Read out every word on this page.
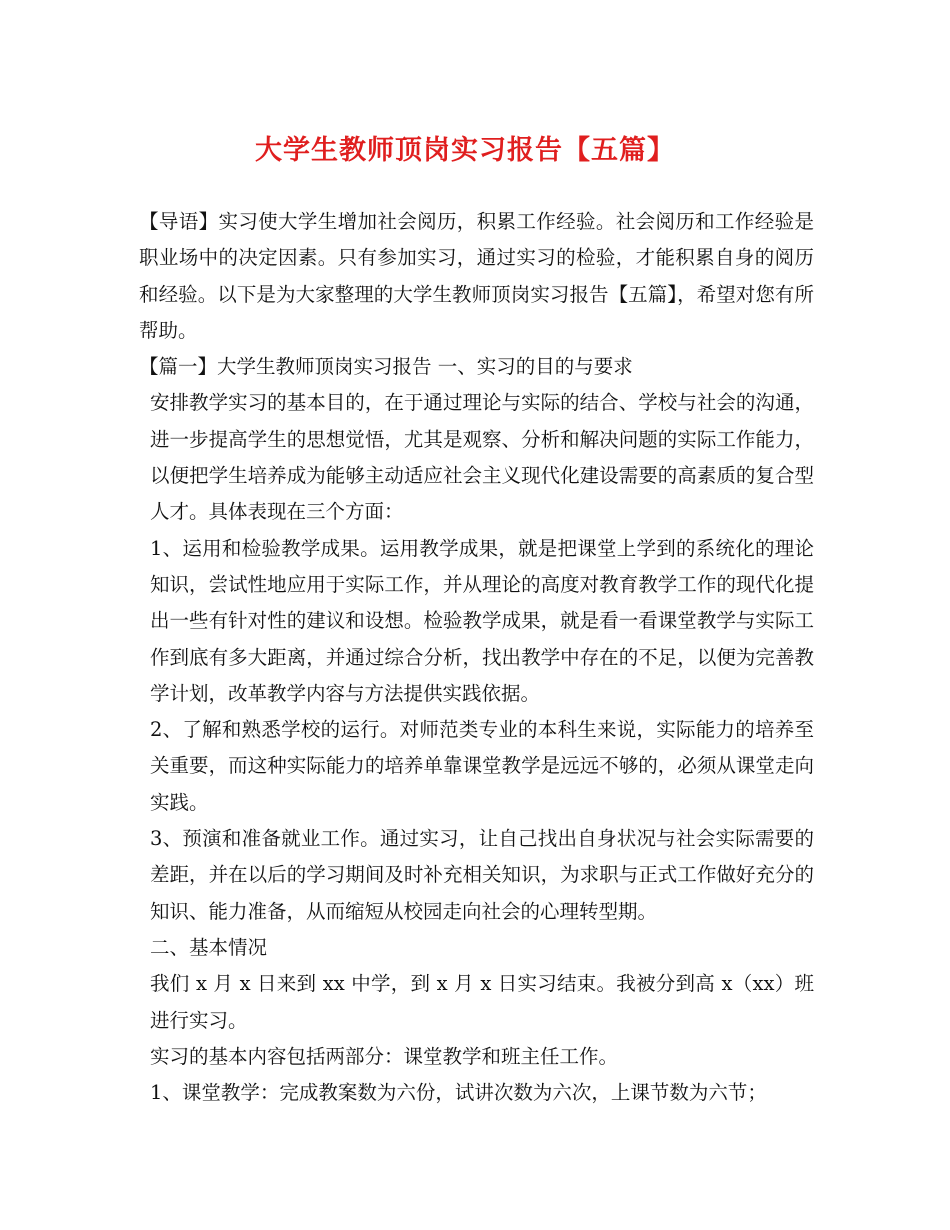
大学生教师顶岗实习报告【五篇】

【导语】实习使大学生增加社会阅历，积累工作经验。社会阅历和工作经验是职业场中的决定因素。只有参加实习，通过实习的检验，才能积累自身的阅历和经验。以下是为大家整理的大学生教师顶岗实习报告【五篇】，希望对您有所帮助。

【篇一】大学生教师顶岗实习报告 一、实习的目的与要求

安排教学实习的基本目的，在于通过理论与实际的结合、学校与社会的沟通，进一步提高学生的思想觉悟，尤其是观察、分析和解决问题的实际工作能力，以便把学生培养成为能够主动适应社会主义现代化建设需要的高素质的复合型人才。具体表现在三个方面：

1、运用和检验教学成果。运用教学成果，就是把课堂上学到的系统化的理论知识，尝试性地应用于实际工作，并从理论的高度对教育教学工作的现代化提出一些有针对性的建议和设想。检验教学成果，就是看一看课堂教学与实际工作到底有多大距离，并通过综合分析，找出教学中存在的不足，以便为完善教学计划，改革教学内容与方法提供实践依据。

2、了解和熟悉学校的运行。对师范类专业的本科生来说，实际能力的培养至关重要，而这种实际能力的培养单靠课堂教学是远远不够的，必须从课堂走向实践。

3、预演和准备就业工作。通过实习，让自己找出自身状况与社会实际需要的差距，并在以后的学习期间及时补充相关知识，为求职与正式工作做好充分的知识、能力准备，从而缩短从校园走向社会的心理转型期。

二、基本情况

我们 x 月 x 日来到 xx 中学，到 x 月 x 日实习结束。我被分到高 x（xx）班进行实习。

实习的基本内容包括两部分：课堂教学和班主任工作。

1、课堂教学：完成教案数为六份，试讲次数为六次，上课节数为六节；
